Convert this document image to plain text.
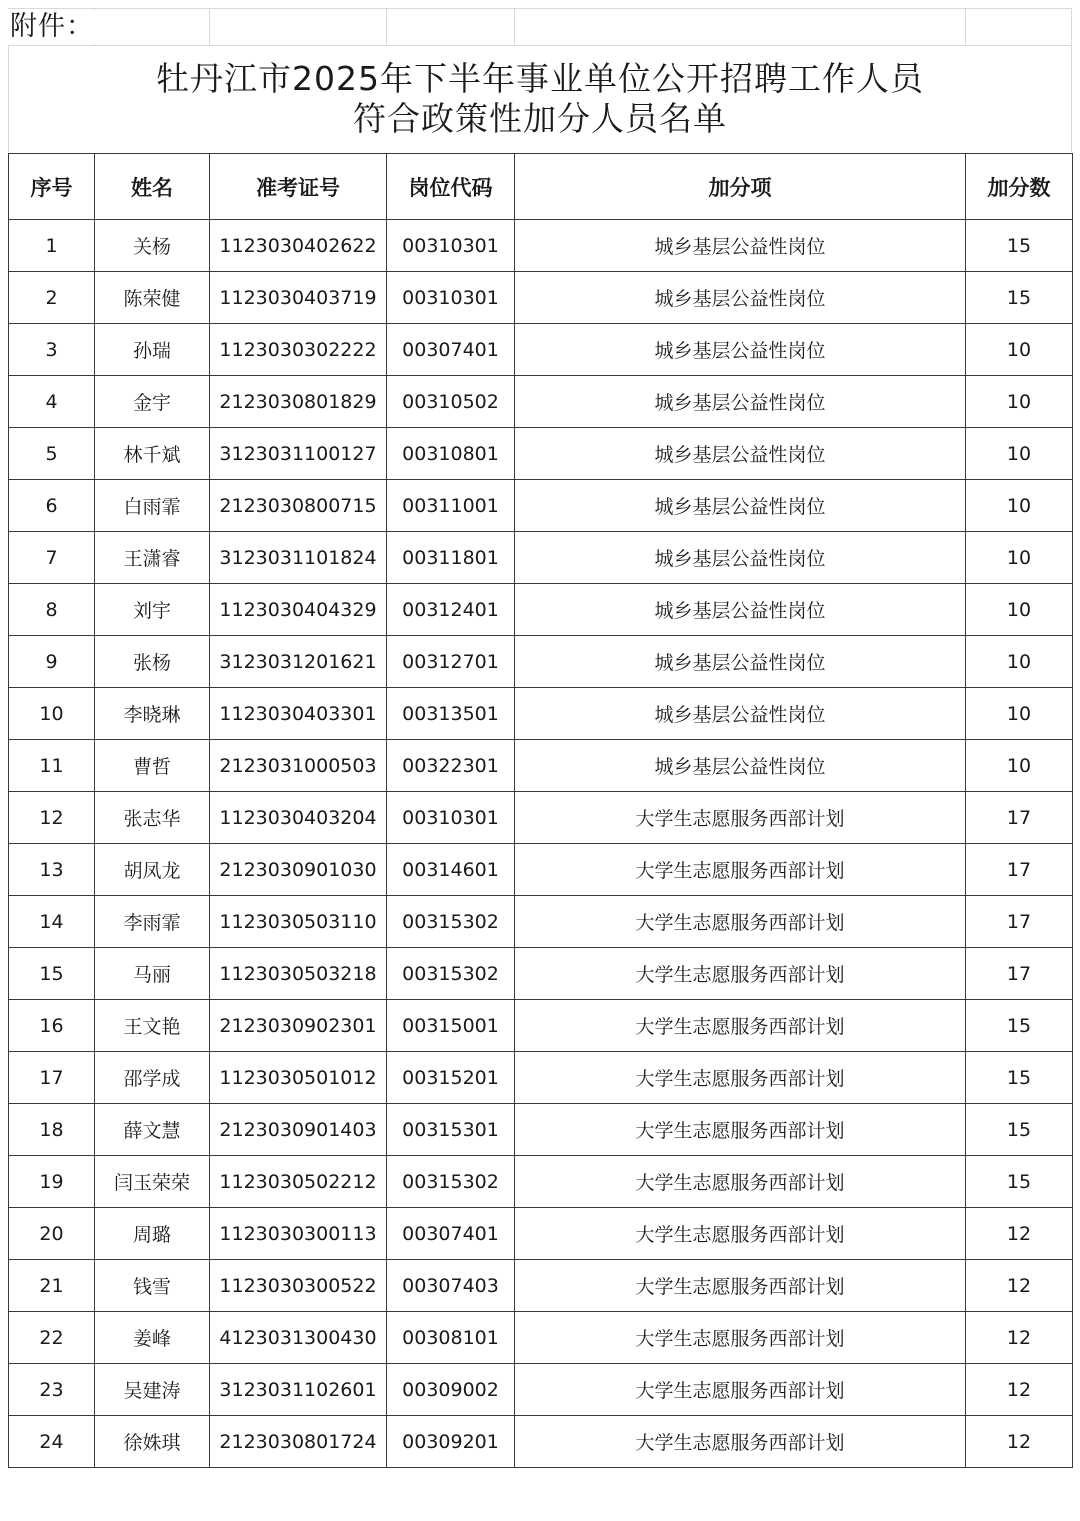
附件：
牡丹江市2025年下半年事业单位公开招聘工作人员
符合政策性加分人员名单
序号	姓名	准考证号	岗位代码	加分项	加分数
1	关杨	1123030402622	00310301	城乡基层公益性岗位	15
2	陈荣健	1123030403719	00310301	城乡基层公益性岗位	15
3	孙瑞	1123030302222	00307401	城乡基层公益性岗位	10
4	金宇	2123030801829	00310502	城乡基层公益性岗位	10
5	林千斌	3123031100127	00310801	城乡基层公益性岗位	10
6	白雨霏	2123030800715	00311001	城乡基层公益性岗位	10
7	王潇睿	3123031101824	00311801	城乡基层公益性岗位	10
8	刘宇	1123030404329	00312401	城乡基层公益性岗位	10
9	张杨	3123031201621	00312701	城乡基层公益性岗位	10
10	李晓琳	1123030403301	00313501	城乡基层公益性岗位	10
11	曹哲	2123031000503	00322301	城乡基层公益性岗位	10
12	张志华	1123030403204	00310301	大学生志愿服务西部计划	17
13	胡凤龙	2123030901030	00314601	大学生志愿服务西部计划	17
14	李雨霏	1123030503110	00315302	大学生志愿服务西部计划	17
15	马丽	1123030503218	00315302	大学生志愿服务西部计划	17
16	王文艳	2123030902301	00315001	大学生志愿服务西部计划	15
17	邵学成	1123030501012	00315201	大学生志愿服务西部计划	15
18	薛文慧	2123030901403	00315301	大学生志愿服务西部计划	15
19	闫玉荣荣	1123030502212	00315302	大学生志愿服务西部计划	15
20	周璐	1123030300113	00307401	大学生志愿服务西部计划	12
21	钱雪	1123030300522	00307403	大学生志愿服务西部计划	12
22	姜峰	4123031300430	00308101	大学生志愿服务西部计划	12
23	吴建涛	3123031102601	00309002	大学生志愿服务西部计划	12
24	徐姝琪	2123030801724	00309201	大学生志愿服务西部计划	12
